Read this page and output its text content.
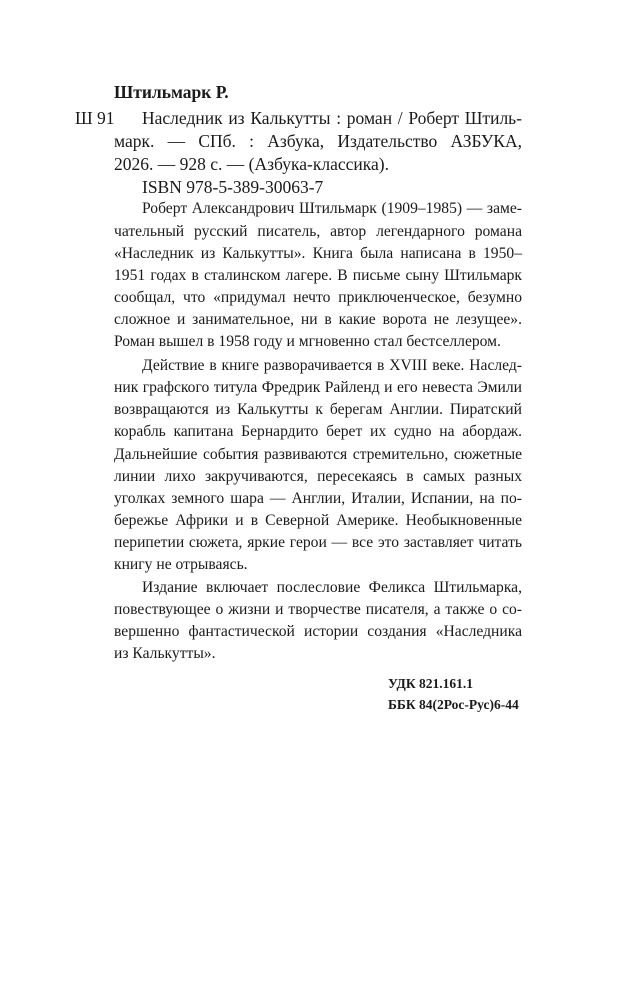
Штильмарк Р.
Ш 91 Наследник из Калькутты : роман / Роберт Штиль-
марк. — СПб. : Азбука, Издательство АЗБУКА,
2026. — 928 с. — (Азбука-классика).
ISBN 978-5-389-30063-7
Роберт Александрович Штильмарк (1909–1985) — заме-
чательный русский писатель, автор легендарного романа
«Наследник из Калькутты». Книга была написана в 1950–
1951 годах в сталинском лагере. В письме сыну Штильмарк
сообщал, что «придумал нечто приключенческое, безумно
сложное и занимательное, ни в какие ворота не лезущее».
Роман вышел в 1958 году и мгновенно стал бестселлером.
Действие в книге разворачивается в XVIII веке. Наслед-
ник графского титула Фредрик Райленд и его невеста Эмили
возвращаются из Калькутты к берегам Англии. Пиратский
корабль капитана Бернардито берет их судно на абордаж.
Дальнейшие события развиваются стремительно, сюжетные
линии лихо закручиваются, пересекаясь в самых разных
уголках земного шара — Англии, Италии, Испании, на по-
бережье Африки и в Северной Америке. Необыкновенные
перипетии сюжета, яркие герои — все это заставляет читать
книгу не отрываясь.
Издание включает послесловие Феликса Штильмарка,
повествующее о жизни и творчестве писателя, а также о со-
вершенно фантастической истории создания «Наследника
из Калькутты».
УДК 821.161.1
ББК 84(2Рос-Рус)6-44
